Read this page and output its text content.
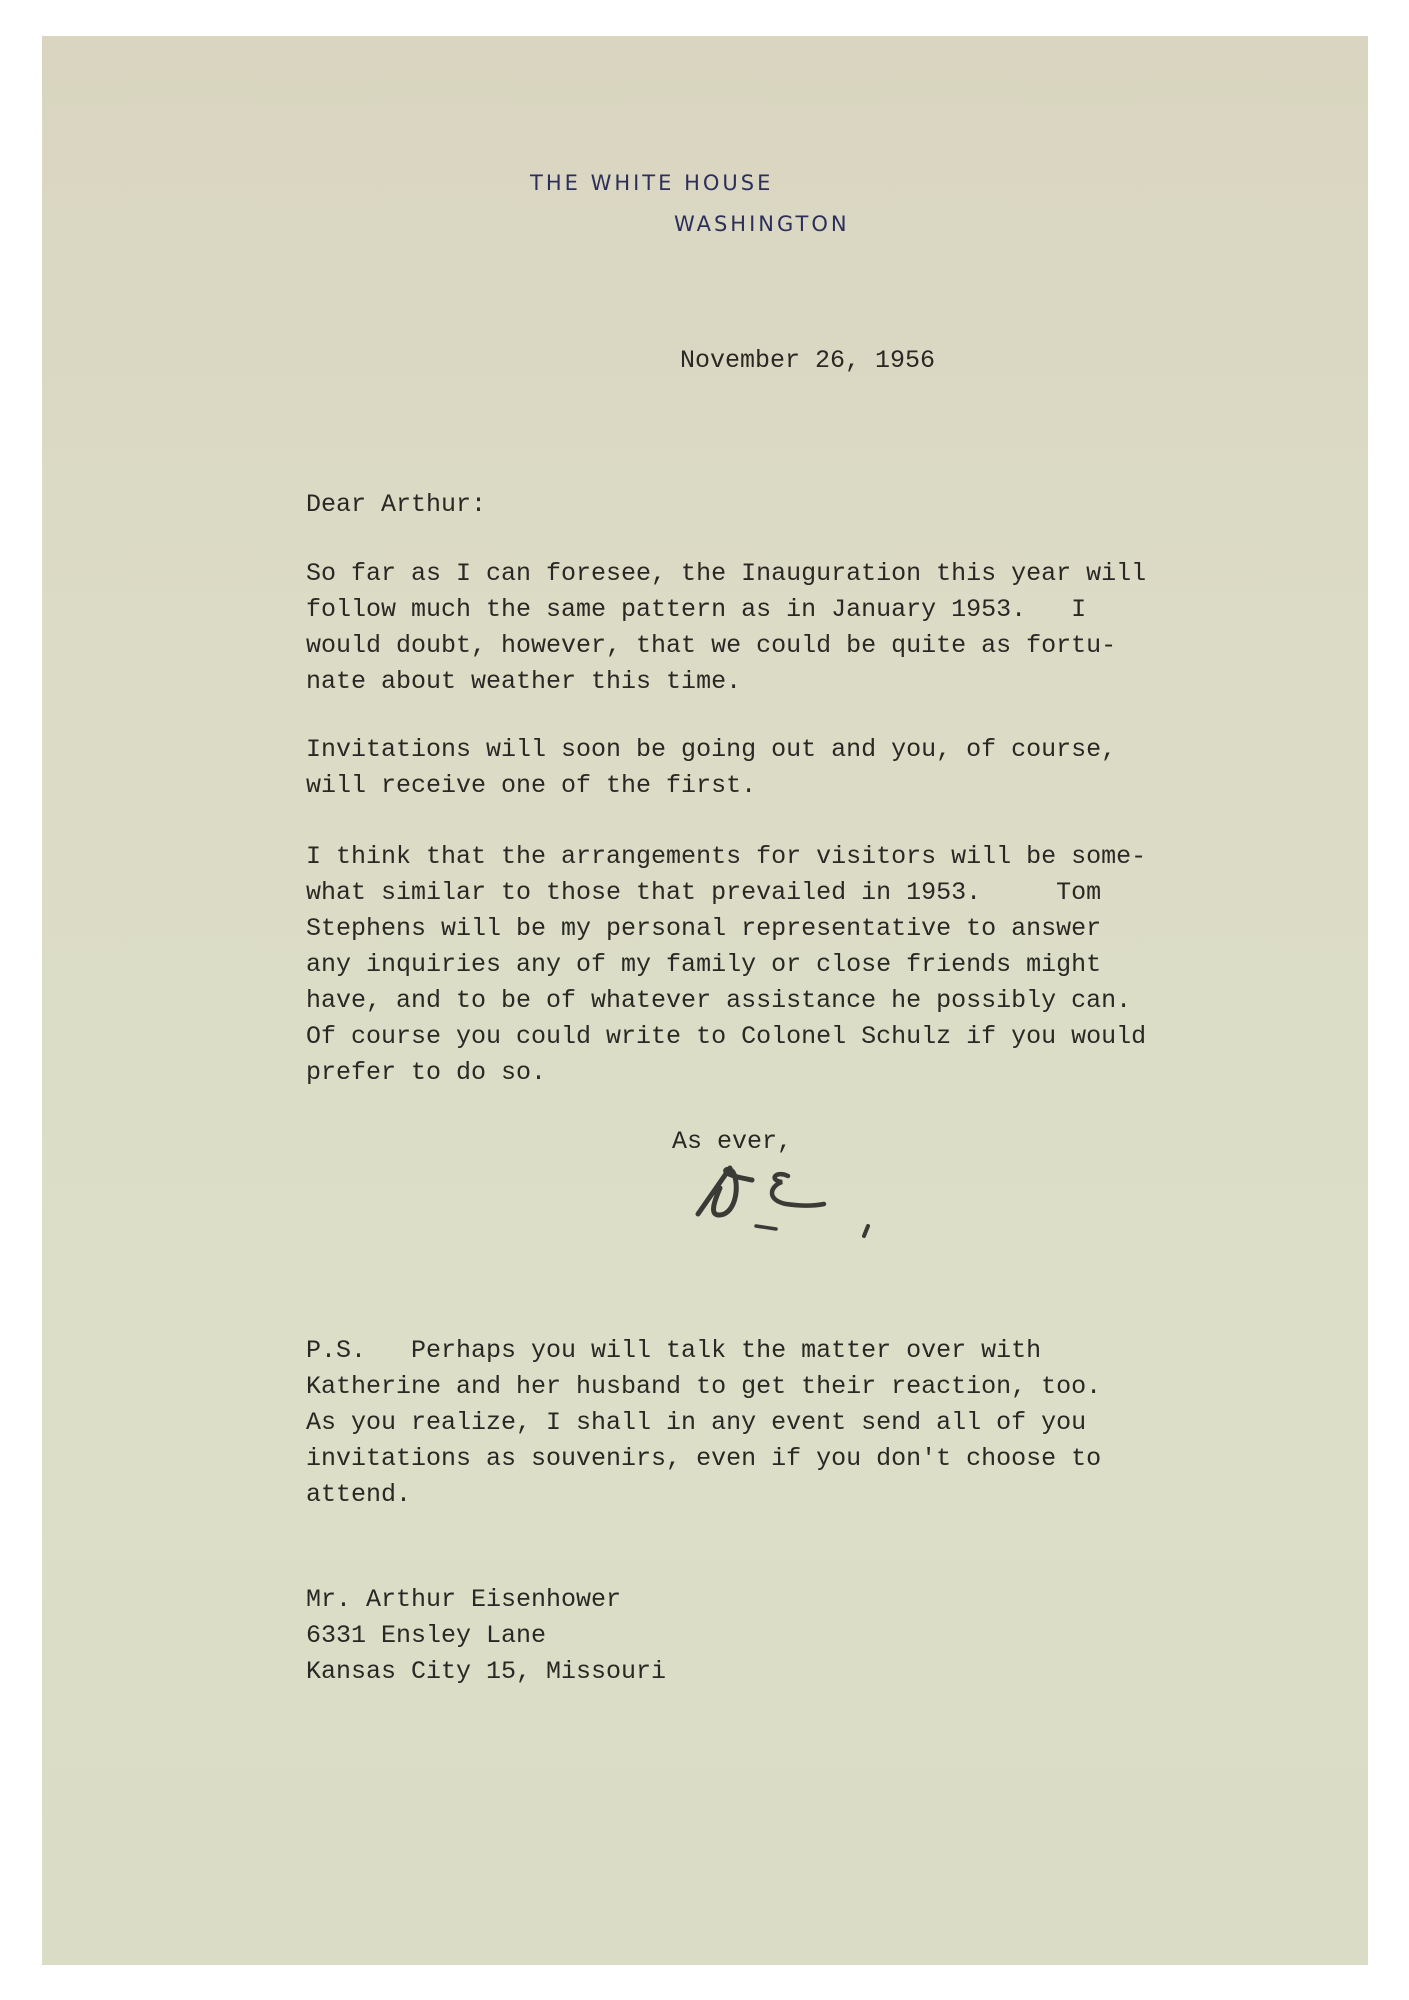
THE WHITE HOUSE
WASHINGTON
November 26, 1956
Dear Arthur:
So far as I can foresee, the Inauguration this year will
follow much the same pattern as in January 1953.   I
would doubt, however, that we could be quite as fortu-
nate about weather this time.
Invitations will soon be going out and you, of course,
will receive one of the first.
I think that the arrangements for visitors will be some-
what similar to those that prevailed in 1953.     Tom
Stephens will be my personal representative to answer
any inquiries any of my family or close friends might
have, and to be of whatever assistance he possibly can.
Of course you could write to Colonel Schulz if you would
prefer to do so.
As ever,
P.S.   Perhaps you will talk the matter over with
Katherine and her husband to get their reaction, too.
As you realize, I shall in any event send all of you
invitations as souvenirs, even if you don't choose to
attend.
Mr. Arthur Eisenhower
6331 Ensley Lane
Kansas City 15, Missouri
